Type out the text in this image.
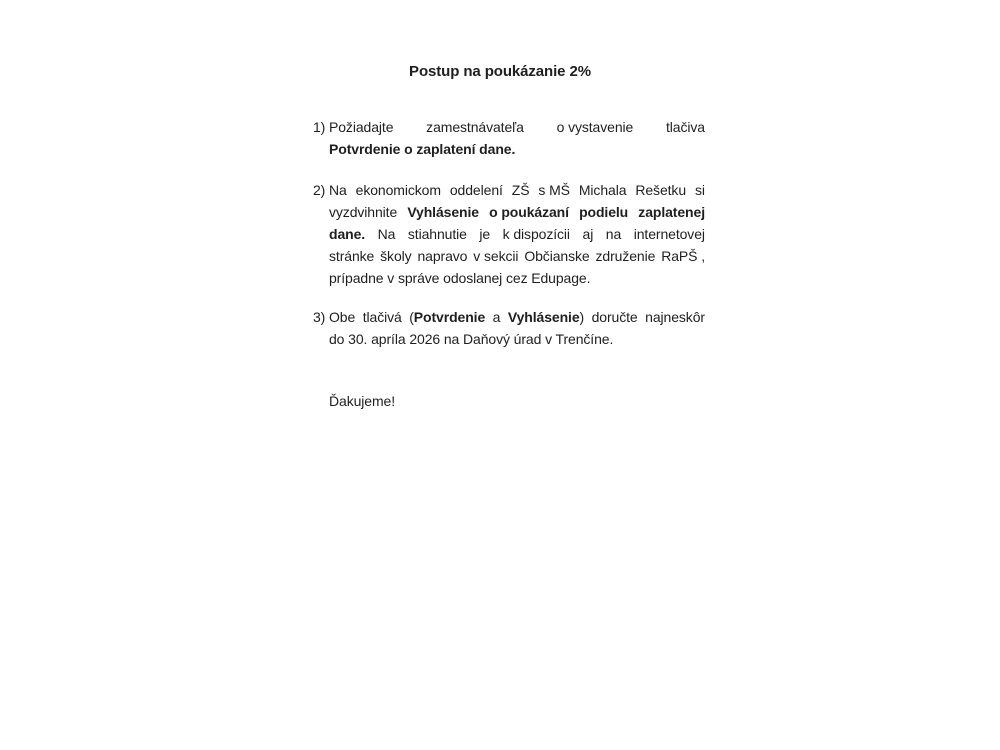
Postup na poukázanie 2%
1) Požiadajte zamestnávateľa o vystavenie tlačiva
Potvrdenie o zaplatení dane.
2) Na ekonomickom oddelení ZŠ s MŠ Michala Rešetku si
vyzdvihnite Vyhlásenie o poukázaní podielu zaplatenej
dane. Na stiahnutie je k dispozícii aj na internetovej
stránke školy napravo v sekcii Občianske združenie RaPŠ ,
prípadne v správe odoslanej cez Edupage.
3) Obe tlačivá (Potvrdenie a Vyhlásenie) doručte najneskôr
do 30. apríla 2026 na Daňový úrad v Trenčíne.
Ďakujeme!
